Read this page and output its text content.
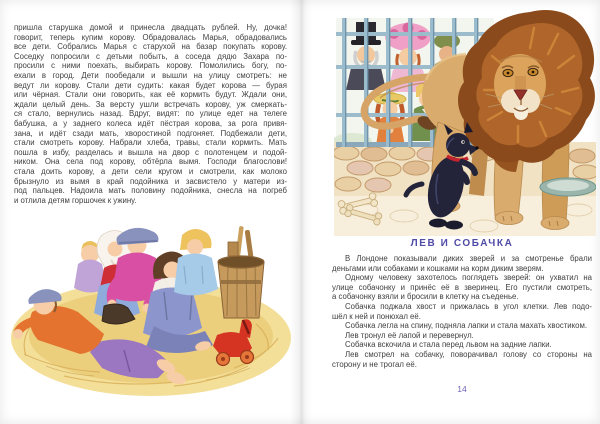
пришла старушка домой и принесла двадцать рублей. Ну, дочка!
говорит, теперь купим корову. Обрадовалась Марья, обрадовались
все дети. Собрались Марья с старухой на базар покупать корову.
Соседку попросили с детьми побыть, а соседа дядю Захара по-
просили с ними поехать, выбирать корову. Помолились богу, по-
ехали в город. Дети пообедали и вышли на улицу смотреть: не
ведут ли корову. Стали дети судить: какая будет корова — бурая
или чёрная. Стали они говорить, как её кормить будут. Ждали они,
ждали целый день. За версту ушли встречать корову, уж смеркать-
ся стало, вернулись назад. Вдруг, видят: по улице едет на телеге
бабушка, а у заднего колеса идёт пёстрая корова, за рога привя-
зана, и идёт сзади мать, хворостиной подгоняет. Подбежали дети,
стали смотреть корову. Набрали хлеба, травы, стали кормить. Мать
пошла в избу, разделась и вышла на двор с полотенцем и подой-
ником. Она села под корову, обтёрла вымя. Господи благослови!
стала доить корову, а дети сели кругом и смотрели, как молоко
брызнуло из вымя в край подойника и засвистело у матери из-
под пальцев. Надоила мать половину подойника, снесла на погреб
и отлила детям горшочек к ужину.
ЛЕВ И СОБАЧКА
В Лондоне показывали диких зверей и за смотренье брали
деньгами или собаками и кошками на корм диким зверям.
Одному человеку захотелось поглядеть зверей: он ухватил на
улице собачонку и принёс её в зверинец. Его пустили смотреть,
а собачонку взяли и бросили в клетку на съеденье.
Собачка поджала хвост и прижалась в угол клетки. Лев подо-
шёл к ней и понюхал её.
Собачка легла на спину, подняла лапки и стала махать хвостиком.
Лев тронул её лапой и перевернул.
Собачка вскочила и стала перед львом на задние лапки.
Лев смотрел на собачку, поворачивал голову со стороны на
сторону и не трогал её.
14
